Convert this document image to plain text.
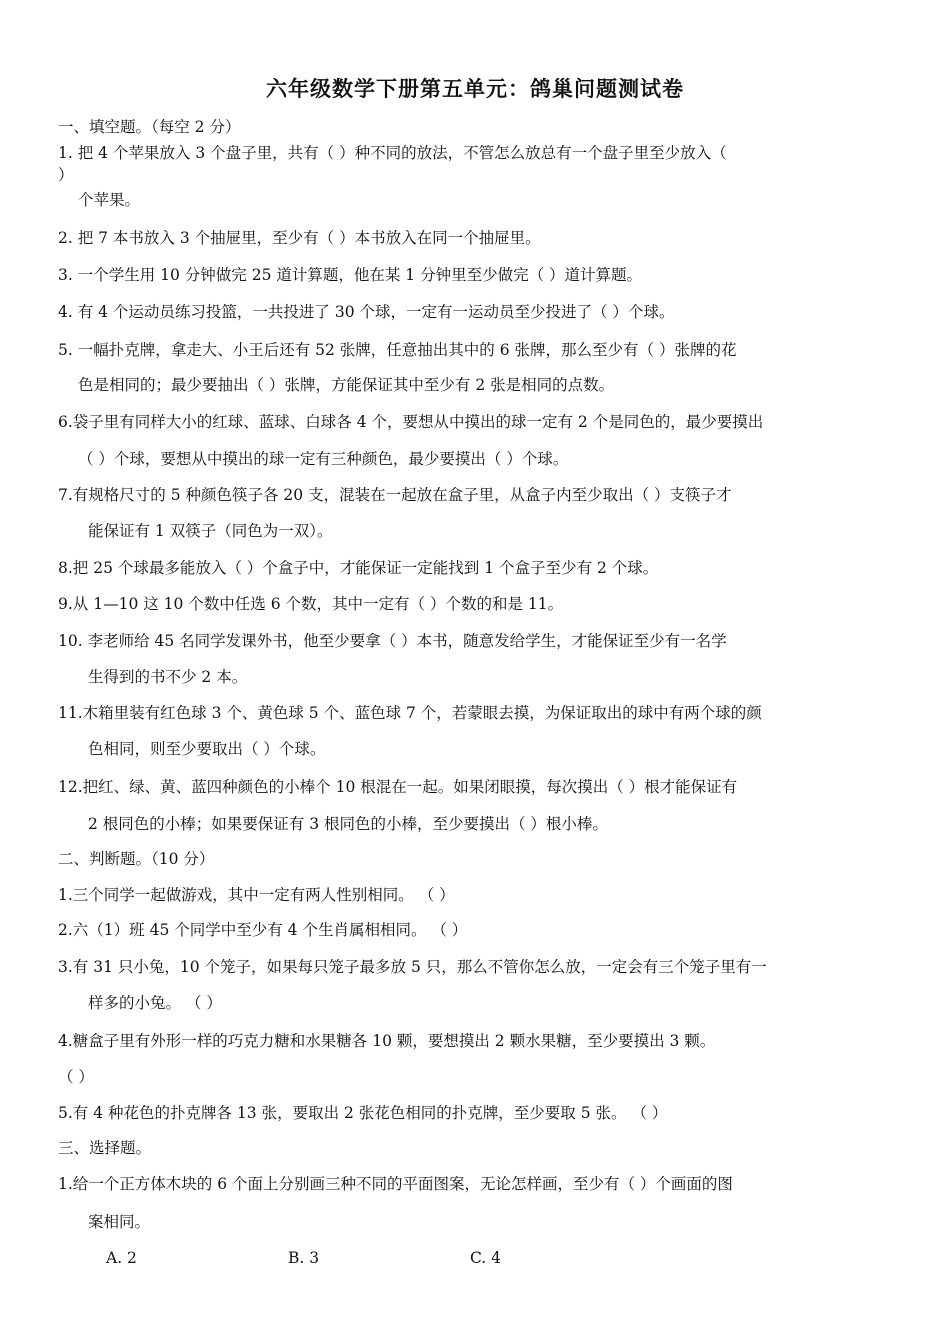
六年级数学下册第五单元：鸽巢问题测试卷
一、填空题。（每空 2 分）
1. 把 4 个苹果放入 3 个盘子里，共有（ ）种不同的放法，不管怎么放总有一个盘子里至少放入（
）
个苹果。
2. 把 7 本书放入 3 个抽屉里，至少有（ ）本书放入在同一个抽屉里。
3. 一个学生用 10 分钟做完 25 道计算题，他在某 1 分钟里至少做完（ ）道计算题。
4. 有 4 个运动员练习投篮，一共投进了 30 个球，一定有一运动员至少投进了（ ）个球。
5. 一幅扑克牌，拿走大、小王后还有 52 张牌，任意抽出其中的 6 张牌，那么至少有（ ）张牌的花
色是相同的；最少要抽出（ ）张牌，方能保证其中至少有 2 张是相同的点数。
6.袋子里有同样大小的红球、蓝球、白球各 4 个，要想从中摸出的球一定有 2 个是同色的，最少要摸出
（ ）个球，要想从中摸出的球一定有三种颜色，最少要摸出（ ）个球。
7.有规格尺寸的 5 种颜色筷子各 20 支，混装在一起放在盒子里，从盒子内至少取出（ ）支筷子才
能保证有 1 双筷子（同色为一双）。
8.把 25 个球最多能放入（ ）个盒子中，才能保证一定能找到 1 个盒子至少有 2 个球。
9.从 1—10 这 10 个数中任选 6 个数，其中一定有（ ）个数的和是 11。
10. 李老师给 45 名同学发课外书，他至少要拿（ ）本书，随意发给学生，才能保证至少有一名学
生得到的书不少 2 本。
11.木箱里装有红色球 3 个、黄色球 5 个、蓝色球 7 个，若蒙眼去摸，为保证取出的球中有两个球的颜
色相同，则至少要取出（ ）个球。
12.把红、绿、黄、蓝四种颜色的小棒个 10 根混在一起。如果闭眼摸，每次摸出（ ）根才能保证有
2 根同色的小棒；如果要保证有 3 根同色的小棒，至少要摸出（ ）根小棒。
二、判断题。（10 分）
1.三个同学一起做游戏，其中一定有两人性别相同。 （ ）
2.六（1）班 45 个同学中至少有 4 个生肖属相相同。 （ ）
3.有 31 只小兔，10 个笼子，如果每只笼子最多放 5 只，那么不管你怎么放，一定会有三个笼子里有一
样多的小兔。 （ ）
4.糖盒子里有外形一样的巧克力糖和水果糖各 10 颗，要想摸出 2 颗水果糖，至少要摸出 3 颗。
（ ）
5.有 4 种花色的扑克牌各 13 张，要取出 2 张花色相同的扑克牌，至少要取 5 张。 （ ）
三、选择题。
1.给一个正方体木块的 6 个面上分别画三种不同的平面图案，无论怎样画，至少有（ ）个画面的图
案相同。
A. 2	B. 3	C. 4
